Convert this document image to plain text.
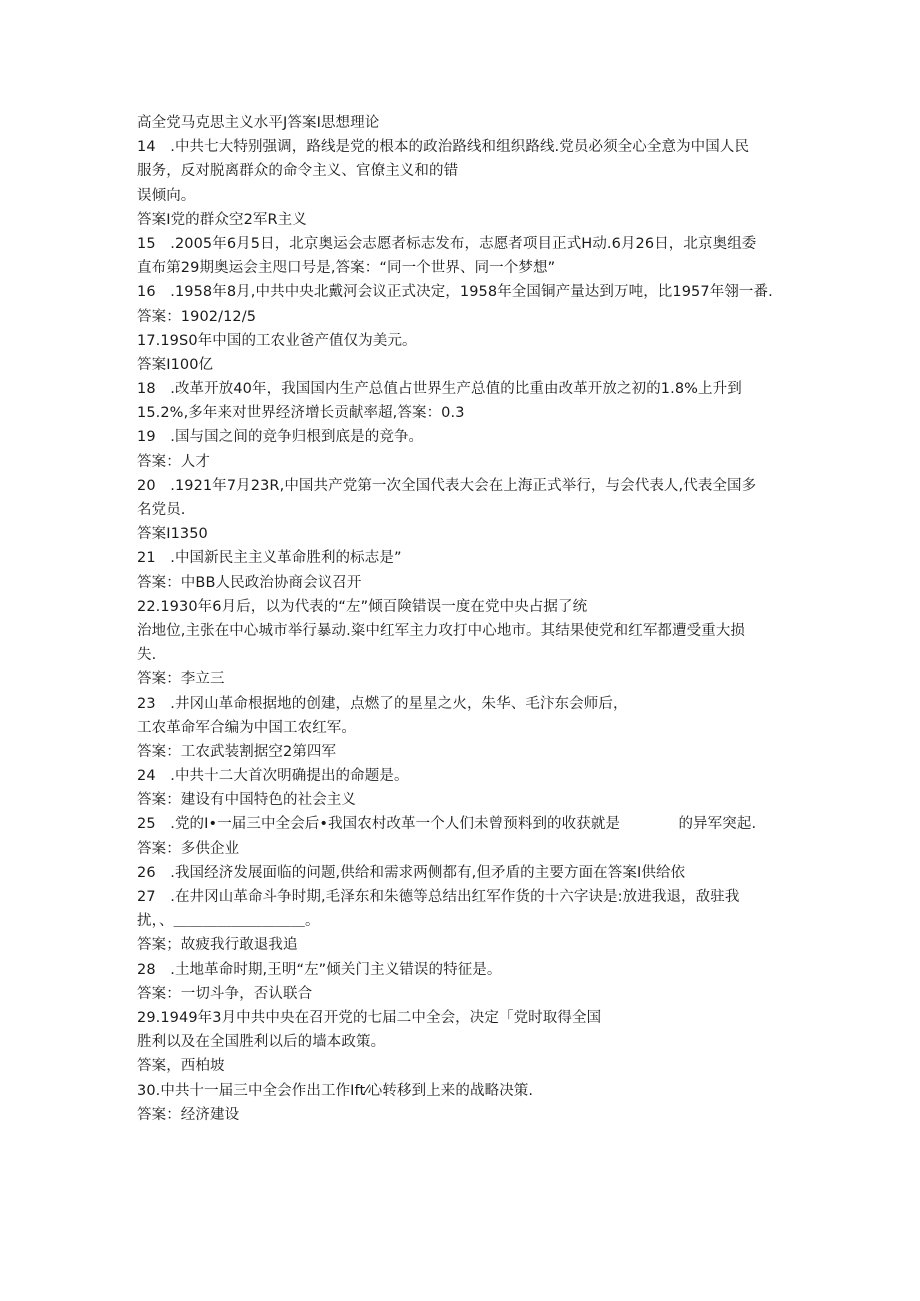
高全党马克思主义水平J答案I思想理论
14　.中共七大特别强调，路线是党的根本的政治路线和组织路线.党员必须全心全意为中国人民
服务，反对脱离群众的命令主义、官僚主义和的错
误倾向。
答案I党的群众空2军R主义
15　.2005年6月5日，北京奥运会志愿者标志发布，志愿者项目正式H动.6月26日，北京奥组委
直布第29期奥运会主咫口号是,答案：“同一个世界、同一个梦想”
16　.1958年8月,中共中央北戴河会议正式决定，1958年全国铜产量达到万吨，比1957年翎一番.
答案：1902/12/5
17.19S0年中国的工农业爸产值仅为美元。
答案I100亿
18　.改革开放40年，我国国内生产总值占世界生产总值的比重由改革开放之初的1.8%上升到
15.2%,多年来对世界经济增长贡献率超,答案：0.3
19　.国与国之间的竞争归根到底是的竞争。
答案：人才
20　.1921年7月23R,中国共产党第一次全国代表大会在上海正式举行，与会代表人,代表全国多
名党员.
答案I1350
21　.中国新民主主义革命胜利的标志是”
答案：中BB人民政治协商会议召开
22.1930年6月后，以为代表的“左”倾百険错误一度在党中央占据了统
治地位,主张在中心城市举行暴动.粢中红军主力攻打中心地市。其结果使党和红军都遭受重大损
失.
答案：李立三
23　.井冈山革命根据地的创建，点燃了的星星之火，朱华、毛汴东会师后，
工农革命军合编为中国工农红军。
答案：工农武装割据空2第四军
24　.中共十二大首次明确提出的命题是。
答案：建设有中国特色的社会主义
25　.党的I•一届三中全会后•我国农村改革一个人们未曾预料到的收获就是　　　　的异军突起.
答案：多供企业
26　.我国经济发展面临的问题,供给和需求两侧都有,但矛盾的主要方面在答案I供给依
27　.在井冈山革命斗争时期,毛泽东和朱德等总结出红军作货的十六字诀是:放进我退，敌驻我
扰，、＿＿＿＿＿＿＿＿＿。
答案；故疲我行敢退我追
28　.土地革命时期,王明“左”倾关门主义错误的特征是。
答案：一切斗争，否认联合
29.1949年3月中共中央在召开党的七届二中全会，决定「党时取得全国
胜利以及在全国胜利以后的墙本政策。
答案，西柏坡
30.中共十一届三中全会作出工作Ift⁄心转移到上来的战略决策.
答案：经济建设
